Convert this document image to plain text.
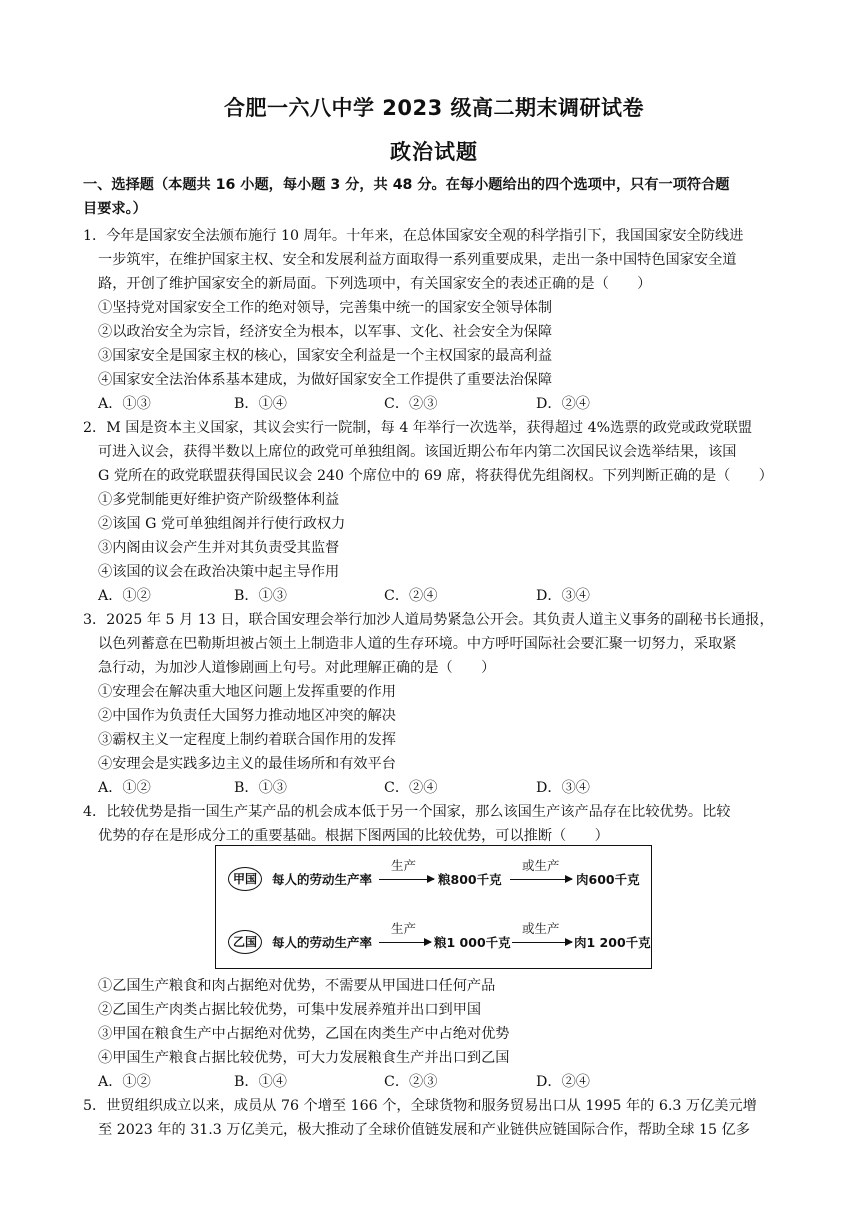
合肥一六八中学 2023 级高二期末调研试卷
政治试题
一、选择题（本题共 16 小题，每小题 3 分，共 48 分。在每小题给出的四个选项中，只有一项符合题
目要求。）
1．今年是国家安全法颁布施行 10 周年。十年来，在总体国家安全观的科学指引下，我国国家安全防线进
一步筑牢，在维护国家主权、安全和发展利益方面取得一系列重要成果，走出一条中国特色国家安全道
路，开创了维护国家安全的新局面。下列选项中，有关国家安全的表述正确的是（　　）
①坚持党对国家安全工作的绝对领导，完善集中统一的国家安全领导体制
②以政治安全为宗旨，经济安全为根本，以军事、文化、社会安全为保障
③国家安全是国家主权的核心，国家安全利益是一个主权国家的最高利益
④国家安全法治体系基本建成，为做好国家安全工作提供了重要法治保障
A．①③	B．①④	C．②③	D．②④
2．M 国是资本主义国家，其议会实行一院制，每 4 年举行一次选举，获得超过 4%选票的政党或政党联盟
可进入议会，获得半数以上席位的政党可单独组阁。该国近期公布年内第二次国民议会选举结果，该国
G 党所在的政党联盟获得国民议会 240 个席位中的 69 席，将获得优先组阁权。下列判断正确的是（　　）
①多党制能更好维护资产阶级整体利益
②该国 G 党可单独组阁并行使行政权力
③内阁由议会产生并对其负责受其监督
④该国的议会在政治决策中起主导作用
A．①②	B．①③	C．②④	D．③④
3．2025 年 5 月 13 日，联合国安理会举行加沙人道局势紧急公开会。其负责人道主义事务的副秘书长通报，
以色列蓄意在巴勒斯坦被占领土上制造非人道的生存环境。中方呼吁国际社会要汇聚一切努力，采取紧
急行动，为加沙人道惨剧画上句号。对此理解正确的是（　　）
①安理会在解决重大地区问题上发挥重要的作用
②中国作为负责任大国努力推动地区冲突的解决
③霸权主义一定程度上制约着联合国作用的发挥
④安理会是实践多边主义的最佳场所和有效平台
A．①②	B．①③	C．②④	D．③④
4．比较优势是指一国生产某产品的机会成本低于另一个国家，那么该国生产该产品存在比较优势。比较
优势的存在是形成分工的重要基础。根据下图两国的比较优势，可以推断（　　）
甲国	每人的劳动生产率
生产
粮800千克
或生产
肉600千克
乙国	每人的劳动生产率
生产
粮1 000千克
或生产
肉1 200千克
①乙国生产粮食和肉占据绝对优势，不需要从甲国进口任何产品
②乙国生产肉类占据比较优势，可集中发展养殖并出口到甲国
③甲国在粮食生产中占据绝对优势，乙国在肉类生产中占绝对优势
④甲国生产粮食占据比较优势，可大力发展粮食生产并出口到乙国
A．①②	B．①④	C．②③	D．②④
5．世贸组织成立以来，成员从 76 个增至 166 个，全球货物和服务贸易出口从 1995 年的 6.3 万亿美元增
至 2023 年的 31.3 万亿美元，极大推动了全球价值链发展和产业链供应链国际合作，帮助全球 15 亿多
